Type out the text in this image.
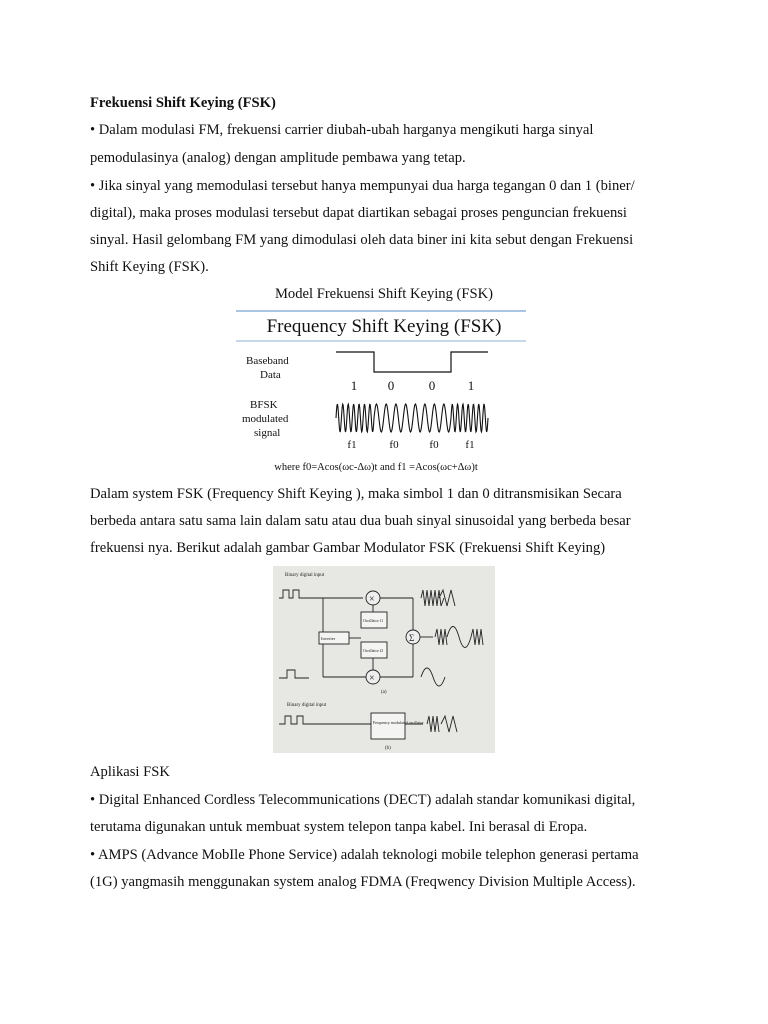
Frekuensi Shift Keying (FSK)
• Dalam modulasi FM, frekuensi carrier diubah-ubah harganya mengikuti harga sinyal
pemodulasinya (analog) dengan amplitude pembawa yang tetap.
• Jika sinyal yang memodulasi tersebut hanya mempunyai dua harga tegangan 0 dan 1 (biner/
digital), maka proses modulasi tersebut dapat diartikan sebagai proses penguncian frekuensi
sinyal. Hasil gelombang FM yang dimodulasi oleh data biner ini kita sebut dengan Frekuensi
Shift Keying (FSK).
Model Frekuensi Shift Keying (FSK)
Frequency Shift Keying (FSK)
Baseband
Data
BFSK
modulated
signal
1 0	0	1
f1	f0	f0 f1
where f0=Acos(ωc-Δω)t and f1 =Acos(ωc+Δω)t
Dalam system FSK (Frequency Shift Keying ), maka simbol 1 dan 0 ditransmisikan Secara
berbeda antara satu sama lain dalam satu atau dua buah sinyal sinusoidal yang berbeda besar
frekuensi nya. Berikut adalah gambar Gambar Modulator FSK (Frekuensi Shift Keying)
Binary digital input
×
Oscillator f1
Inverter
Oscillator f2
×
Σ
(a)
Binary digital input
Frequency modulated oscillator
(b)
Aplikasi FSK
• Digital Enhanced Cordless Telecommunications (DECT) adalah standar komunikasi digital,
terutama digunakan untuk membuat system telepon tanpa kabel. Ini berasal di Eropa.
• AMPS (Advance MobIle Phone Service) adalah teknologi mobile telephon generasi pertama
(1G) yangmasih menggunakan system analog FDMA (Freqwency Division Multiple Access).
